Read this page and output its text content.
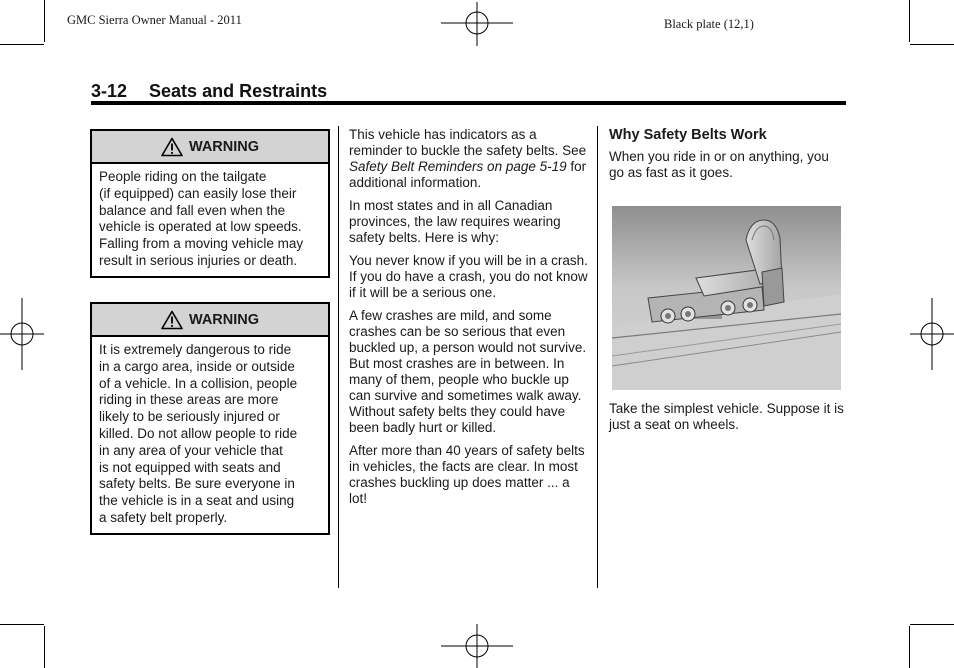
GMC Sierra Owner Manual - 2011	Black plate (12,1)
3-12 Seats and Restraints
WARNING
People riding on the tailgate
(if equipped) can easily lose their
balance and fall even when the
vehicle is operated at low speeds.
Falling from a moving vehicle may
result in serious injuries or death.
WARNING
It is extremely dangerous to ride
in a cargo area, inside or outside
of a vehicle. In a collision, people
riding in these areas are more
likely to be seriously injured or
killed. Do not allow people to ride
in any area of your vehicle that
is not equipped with seats and
safety belts. Be sure everyone in
the vehicle is in a seat and using
a safety belt properly.

This vehicle has indicators as a reminder to buckle the safety belts. See Safety Belt Reminders on page 5-19 for additional information.

In most states and in all Canadian provinces, the law requires wearing safety belts. Here is why:

You never know if you will be in a crash. If you do have a crash, you do not know if it will be a serious one.

A few crashes are mild, and some crashes can be so serious that even buckled up, a person would not survive. But most crashes are in between. In many of them, people who buckle up can survive and sometimes walk away. Without safety belts they could have been badly hurt or killed.

After more than 40 years of safety belts in vehicles, the facts are clear. In most crashes buckling up does matter ... a lot!

Why Safety Belts Work

When you ride in or on anything, you go as fast as it goes.

Take the simplest vehicle. Suppose it is just a seat on wheels.
